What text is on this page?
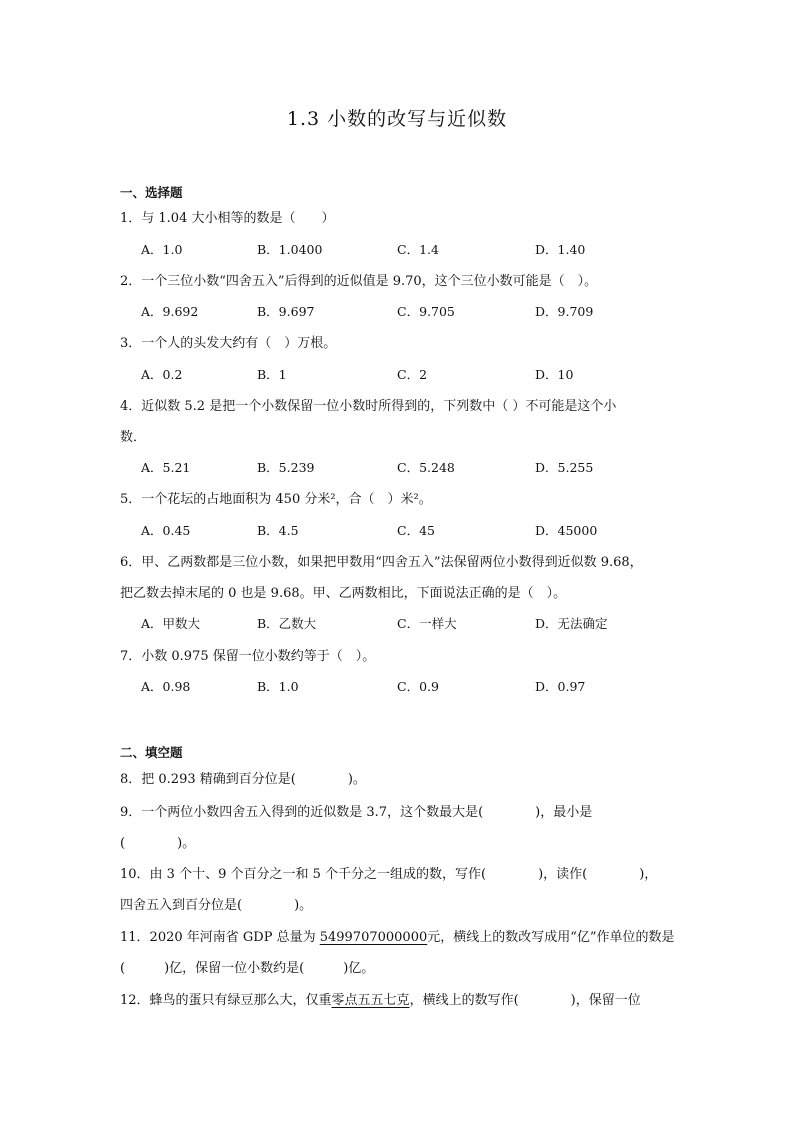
1.3 小数的改写与近似数
一、选择题
1．与 1.04 大小相等的数是（　　）
A．1.0	B．1.0400	C．1.4	D．1.40
2．一个三位小数“四舍五入”后得到的近似值是 9.70，这个三位小数可能是（　）。
A．9.692	B．9.697	C．9.705	D．9.709
3．一个人的头发大约有（　）万根。
A．0.2	B．1	C．2	D．10
4．近似数 5.2 是把一个小数保留一位小数时所得到的，下列数中（ ）不可能是这个小
数．
A．5.21	B．5.239	C．5.248	D．5.255
5．一个花坛的占地面积为 450 分米²，合（　）米²。
A．0.45	B．4.5	C．45	D．45000
6．甲、乙两数都是三位小数，如果把甲数用“四舍五入”法保留两位小数得到近似数 9.68，
把乙数去掉末尾的 0 也是 9.68。甲、乙两数相比，下面说法正确的是（　）。
A．甲数大	B．乙数大	C．一样大	D．无法确定
7．小数 0.975 保留一位小数约等于（　）。
A．0.98	B．1.0	C．0.9	D．0.97
二、填空题
8．把 0.293 精确到百分位是(　　　　)。
9．一个两位小数四舍五入得到的近似数是 3.7，这个数最大是(　　　　)，最小是
(　　　　)。
10．由 3 个十、9 个百分之一和 5 个千分之一组成的数，写作(　　　　)，读作(　　　　)，
四舍五入到百分位是(　　　　)。
11．2020 年河南省 GDP 总量为 5499707000000元，横线上的数改写成用“亿”作单位的数是
(　　　)亿，保留一位小数约是(　　　)亿。
12．蜂鸟的蛋只有绿豆那么大，仅重零点五五七克，横线上的数写作(　　　　)，保留一位
